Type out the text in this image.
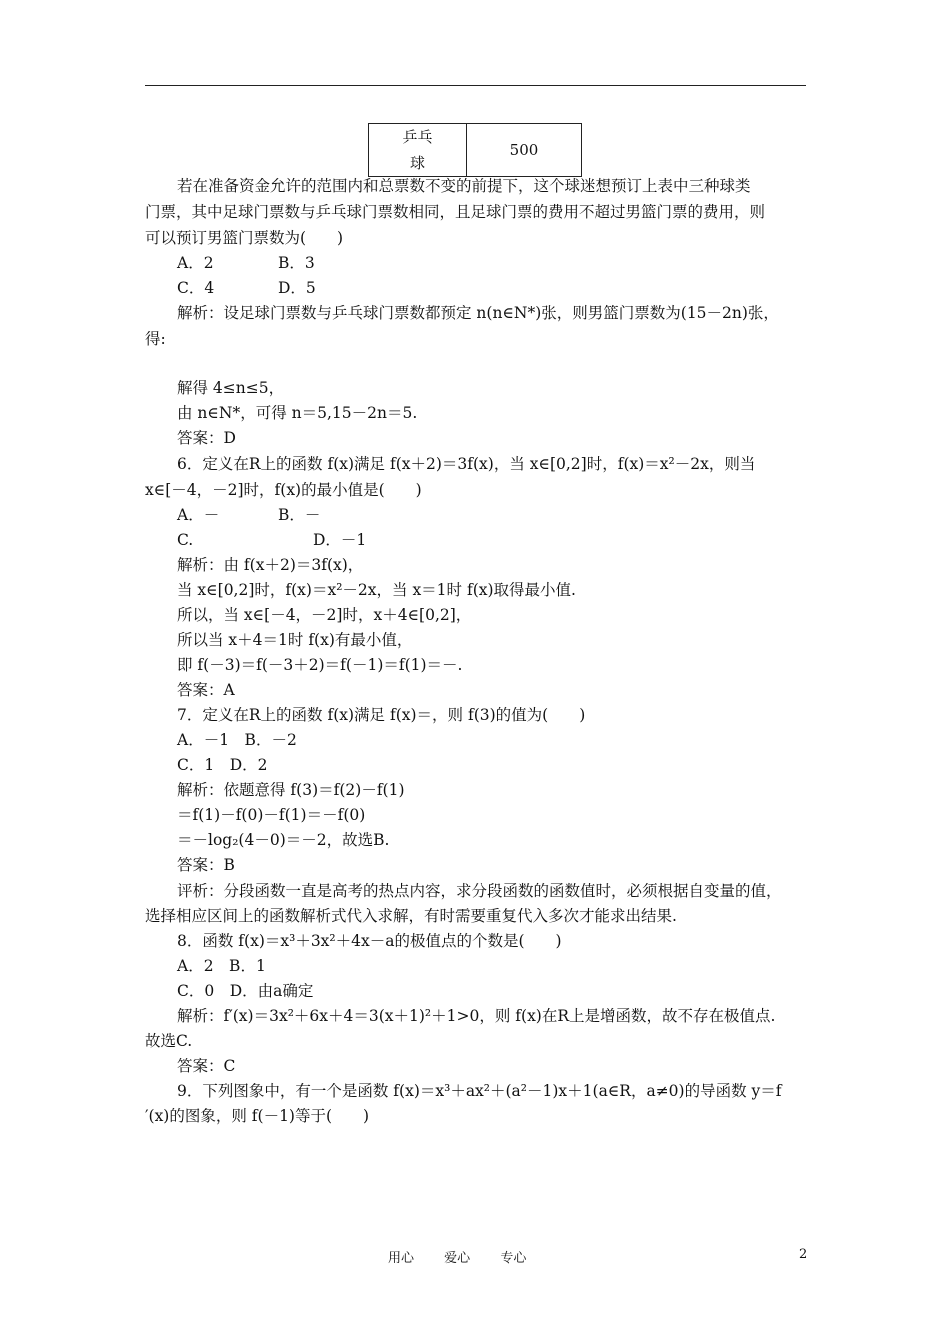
乒乓
球	500
若在准备资金允许的范围内和总票数不变的前提下，这个球迷想预订上表中三种球类
门票，其中足球门票数与乒乓球门票数相同，且足球门票的费用不超过男篮门票的费用，则
可以预订男篮门票数为(　　)
A．2	B．3
C．4	D．5
解析：设足球门票数与乒乓球门票数都预定 n(n∈N*)张，则男篮门票数为(15－2n)张，
得:
解得 4≤n≤5，
由 n∈N*，可得 n＝5,15－2n＝5.
答案：D
6．定义在R上的函数 f(x)满足 f(x＋2)＝3f(x)，当 x∈[0,2]时，f(x)＝x²－2x，则当
x∈[－4，－2]时，f(x)的最小值是(　　)
A．－	B．－
C.	D．－1
解析：由 f(x＋2)＝3f(x)，
当 x∈[0,2]时，f(x)＝x²－2x，当 x＝1时 f(x)取得最小值.
所以，当 x∈[－4，－2]时，x＋4∈[0,2]，
所以当 x＋4＝1时 f(x)有最小值，
即 f(－3)＝f(－3＋2)＝f(－1)＝f(1)＝－.
答案：A
7．定义在R上的函数 f(x)满足 f(x)＝，则 f(3)的值为(　　)
A．－1　B．－2
C．1　D．2
解析：依题意得 f(3)＝f(2)－f(1)
＝f(1)－f(0)－f(1)＝－f(0)
＝－log₂(4－0)＝－2，故选B.
答案：B
评析：分段函数一直是高考的热点内容，求分段函数的函数值时，必须根据自变量的值，
选择相应区间上的函数解析式代入求解，有时需要重复代入多次才能求出结果.
8．函数 f(x)＝x³＋3x²＋4x－a的极值点的个数是(　　)
A．2　B．1
C．0　D．由a确定
解析：f′(x)＝3x²＋6x＋4＝3(x＋1)²＋1>0，则 f(x)在R上是增函数，故不存在极值点.
故选C.
答案：C
9．下列图象中，有一个是函数 f(x)＝x³＋ax²＋(a²－1)x＋1(a∈R，a≠0)的导函数 y＝f
′(x)的图象，则 f(－1)等于(　　)
用心 爱心 专心	2
